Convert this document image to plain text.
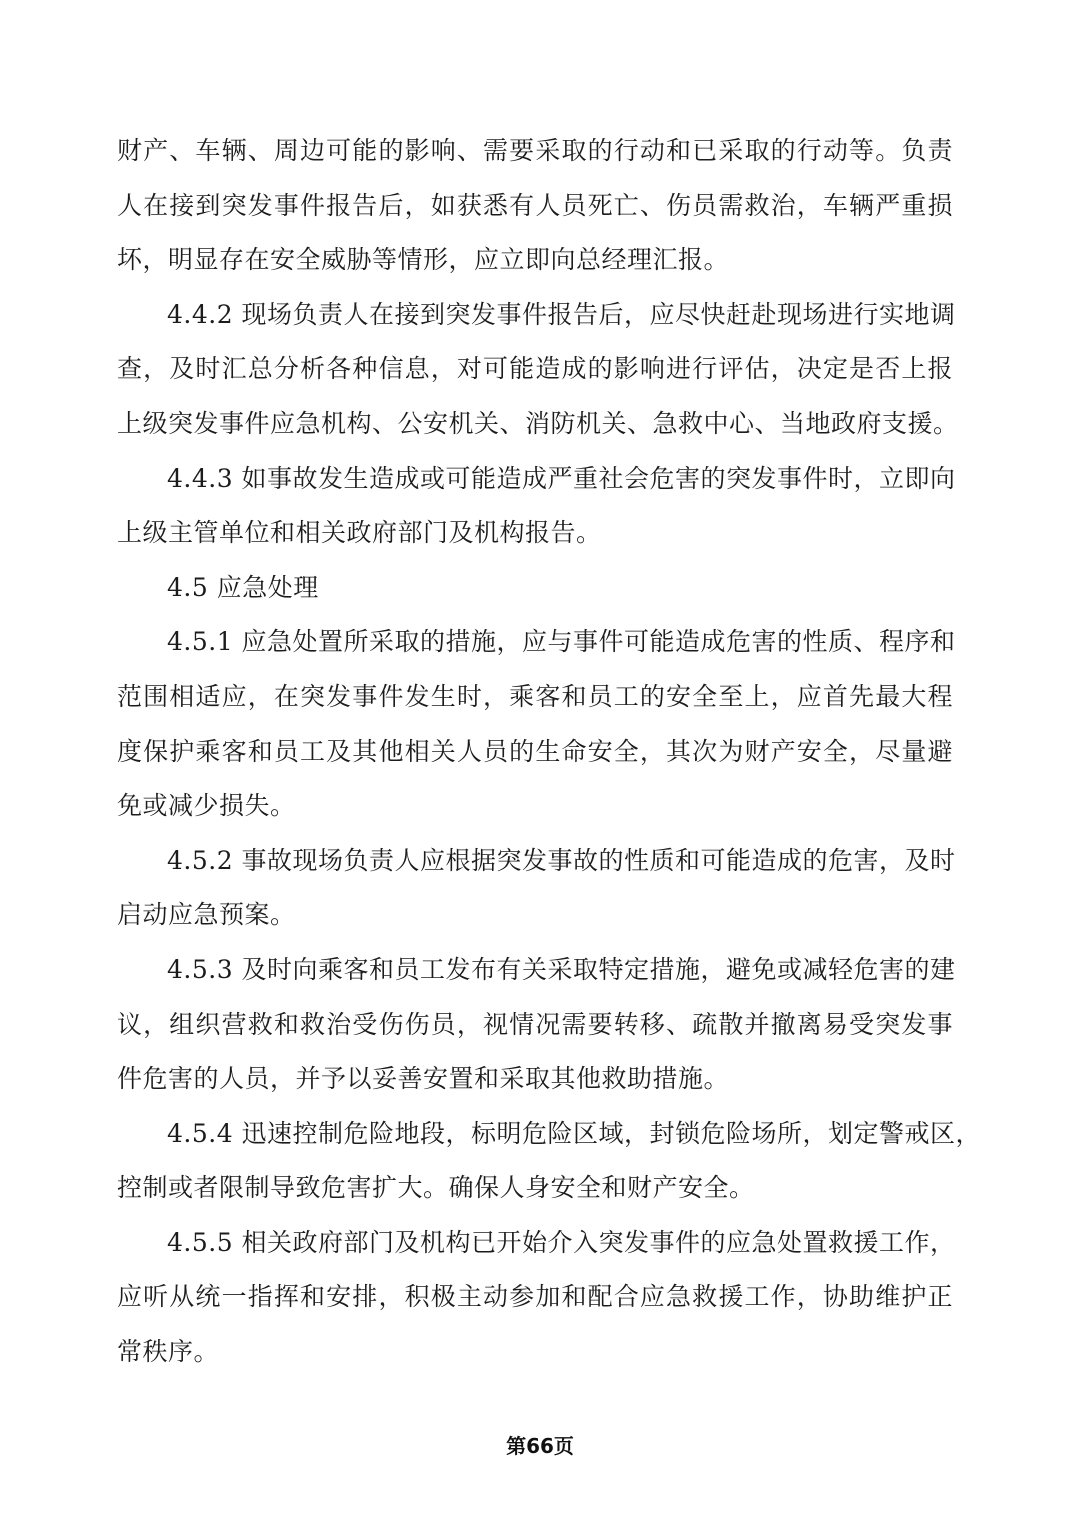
财产、车辆、周边可能的影响、需要采取的行动和已采取的行动等。负责
人在接到突发事件报告后，如获悉有人员死亡、伤员需救治，车辆严重损
坏，明显存在安全威胁等情形，应立即向总经理汇报。
4.4.2 现场负责人在接到突发事件报告后，应尽快赶赴现场进行实地调
查，及时汇总分析各种信息，对可能造成的影响进行评估，决定是否上报
上级突发事件应急机构、公安机关、消防机关、急救中心、当地政府支援。
4.4.3 如事故发生造成或可能造成严重社会危害的突发事件时，立即向
上级主管单位和相关政府部门及机构报告。
4.5 应急处理
4.5.1 应急处置所采取的措施，应与事件可能造成危害的性质、程序和
范围相适应，在突发事件发生时，乘客和员工的安全至上，应首先最大程
度保护乘客和员工及其他相关人员的生命安全，其次为财产安全，尽量避
免或减少损失。
4.5.2 事故现场负责人应根据突发事故的性质和可能造成的危害，及时
启动应急预案。
4.5.3 及时向乘客和员工发布有关采取特定措施，避免或减轻危害的建
议，组织营救和救治受伤伤员，视情况需要转移、疏散并撤离易受突发事
件危害的人员，并予以妥善安置和采取其他救助措施。
4.5.4 迅速控制危险地段，标明危险区域，封锁危险场所，划定警戒区，
控制或者限制导致危害扩大。确保人身安全和财产安全。
4.5.5 相关政府部门及机构已开始介入突发事件的应急处置救援工作，
应听从统一指挥和安排，积极主动参加和配合应急救援工作，协助维护正
常秩序。
第66页
